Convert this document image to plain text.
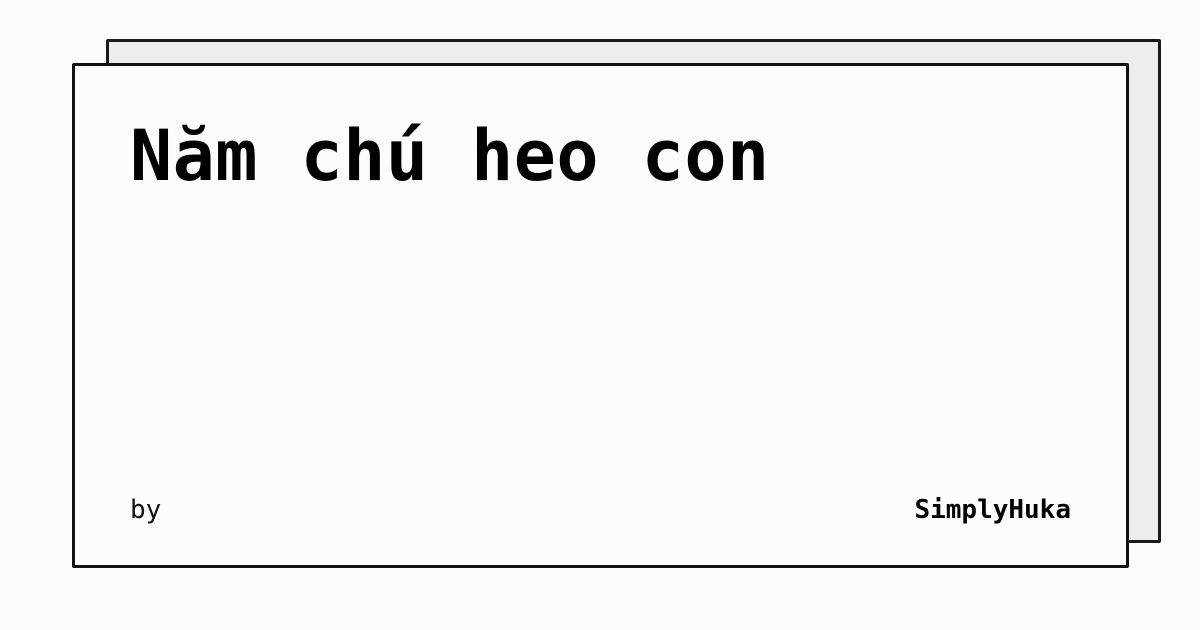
Năm chú heo con
by	SimplyHuka
